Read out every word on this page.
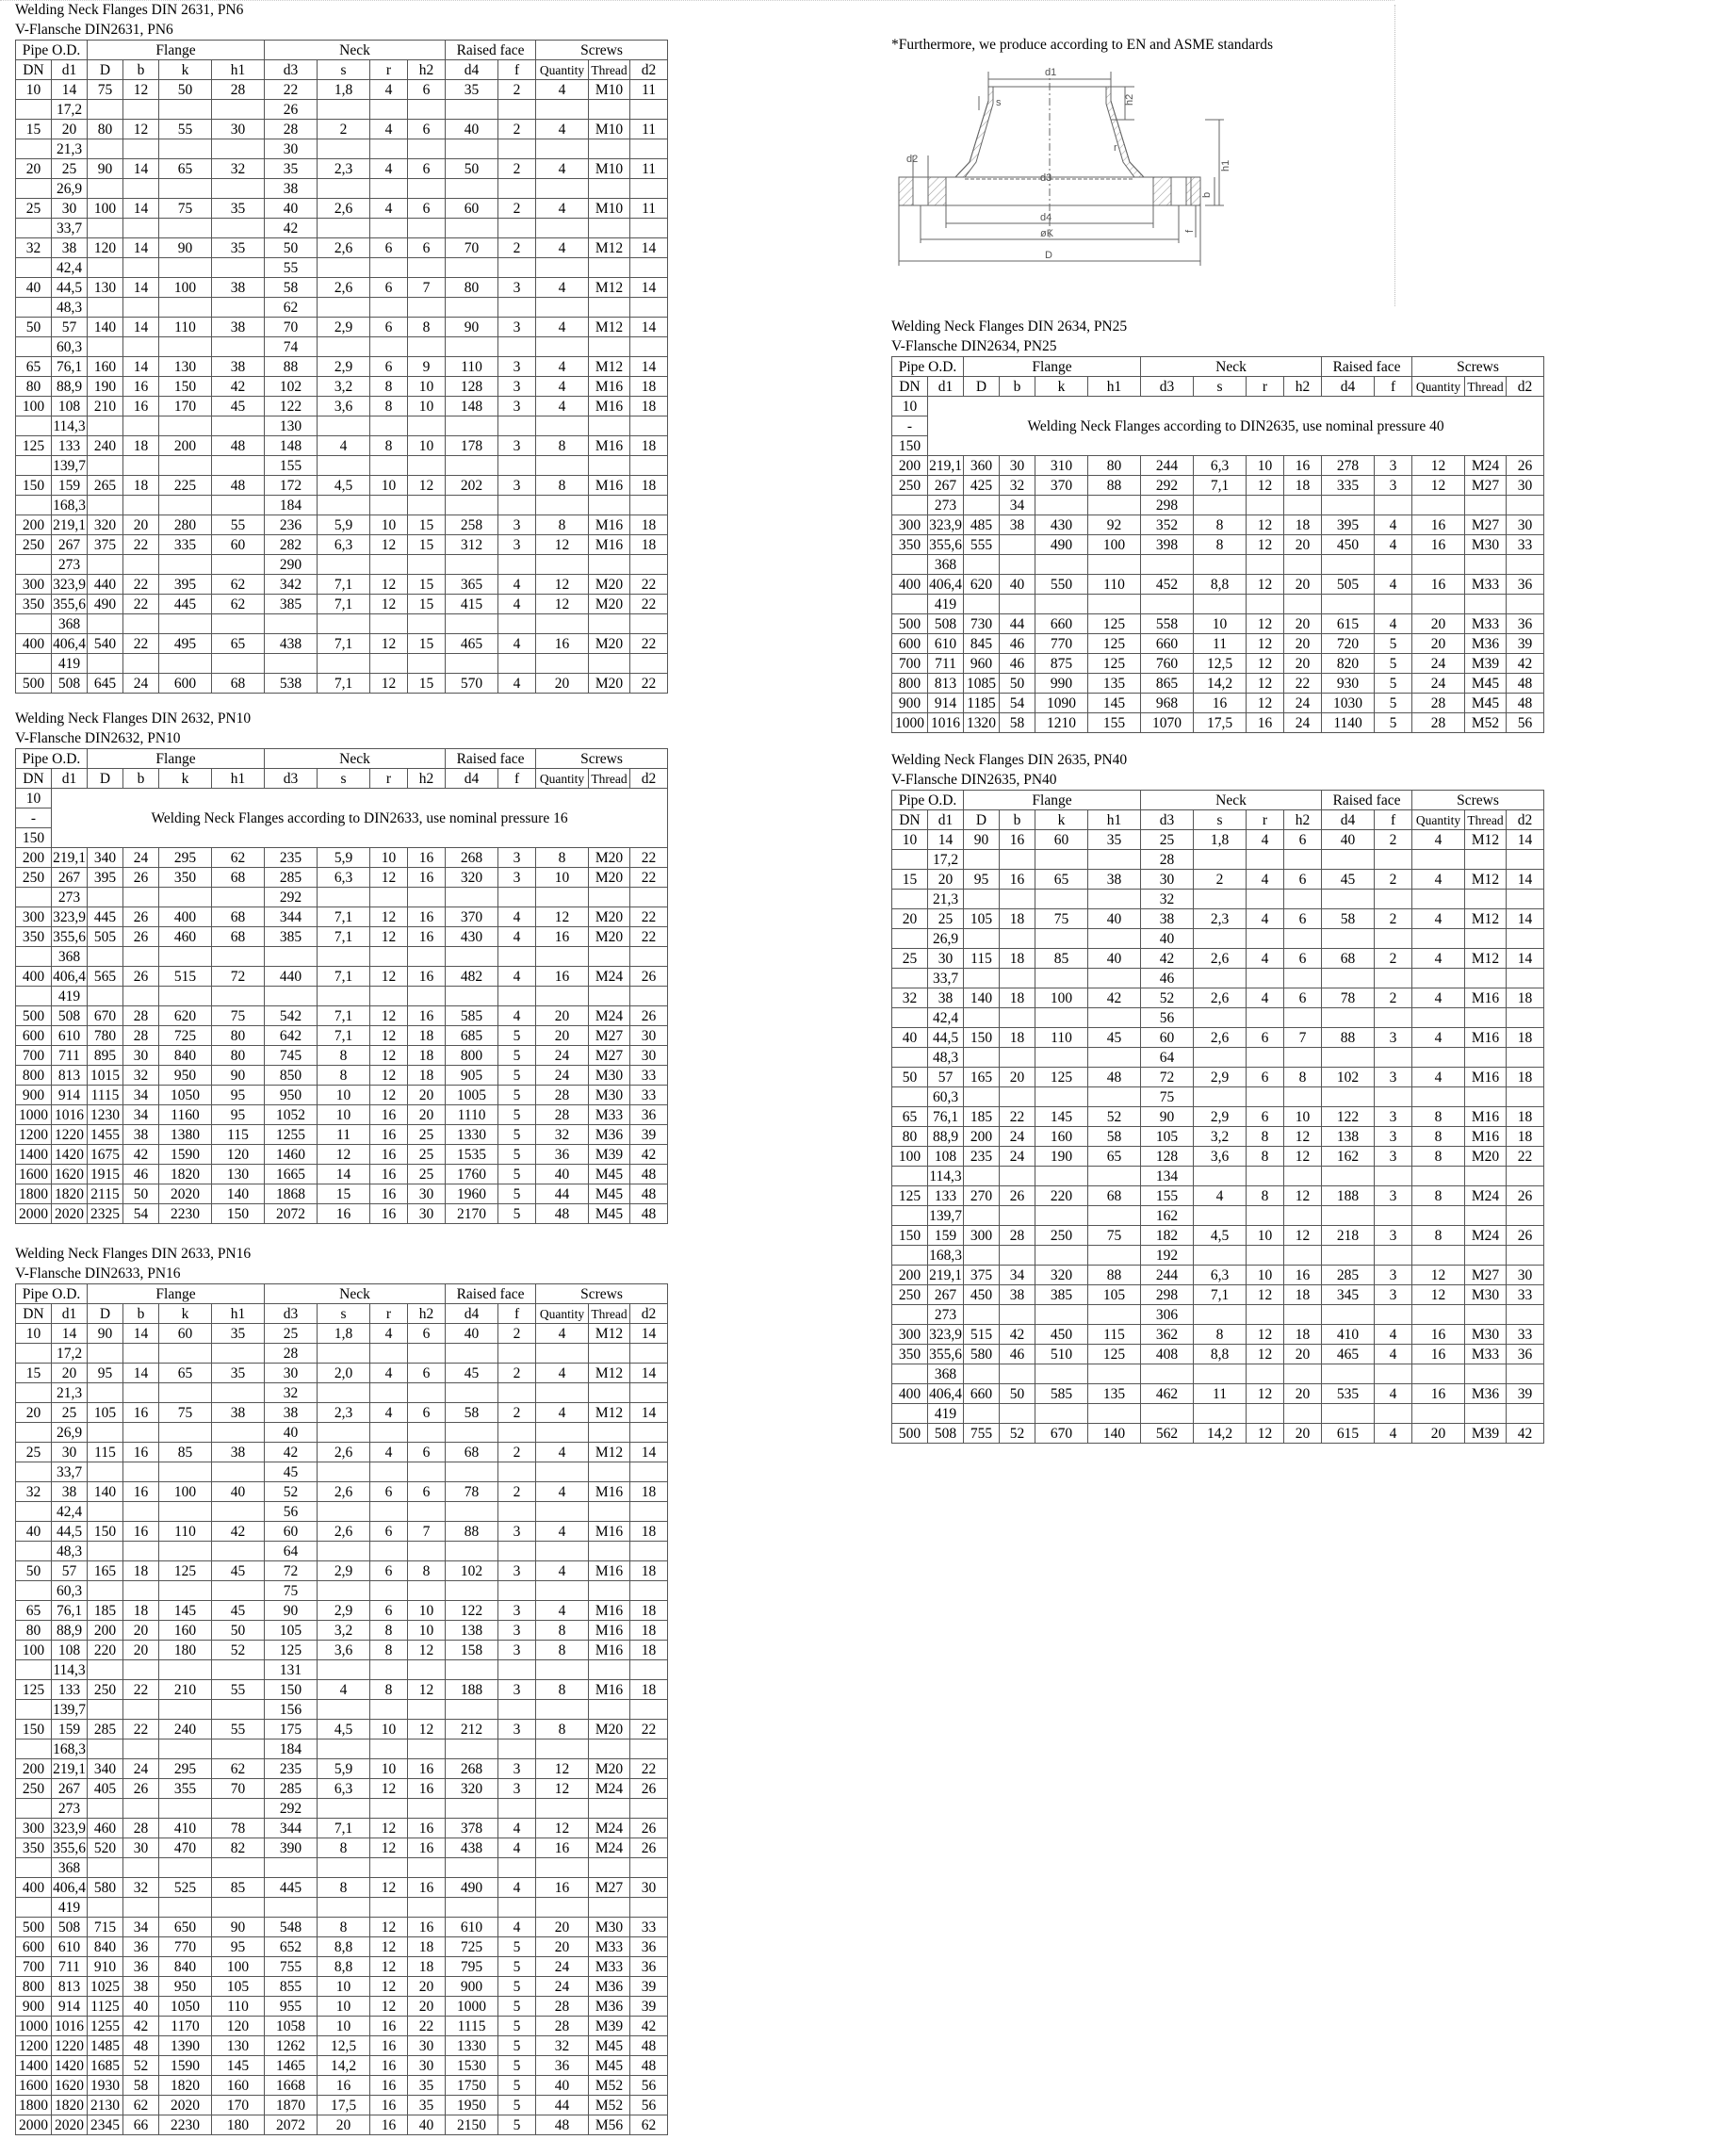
*Furthermore, we produce according to EN and ASME standards
d1
s	h2
r
d2
d3
h1
b
f
d4
øK
D
Welding Neck Flanges DIN 2631, PN6
V-Flansche DIN2631, PN6
Pipe O.D.		Flange				Neck				Raised face		Screws		
DN	d1	D	b	k	h1	d3	s	r	h2	d4	f	Quantity	Thread	d2
10	14	75	12	50	28	22	1,8	4	6	35	2	4	M10	11
	17,2					26								
15	20	80	12	55	30	28	2	4	6	40	2	4	M10	11
	21,3					30								
20	25	90	14	65	32	35	2,3	4	6	50	2	4	M10	11
	26,9					38								
25	30	100	14	75	35	40	2,6	4	6	60	2	4	M10	11
	33,7					42								
32	38	120	14	90	35	50	2,6	6	6	70	2	4	M12	14
	42,4					55								
40	44,5	130	14	100	38	58	2,6	6	7	80	3	4	M12	14
	48,3					62								
50	57	140	14	110	38	70	2,9	6	8	90	3	4	M12	14
	60,3					74								
65	76,1	160	14	130	38	88	2,9	6	9	110	3	4	M12	14
80	88,9	190	16	150	42	102	3,2	8	10	128	3	4	M16	18
100	108	210	16	170	45	122	3,6	8	10	148	3	4	M16	18
	114,3					130								
125	133	240	18	200	48	148	4	8	10	178	3	8	M16	18
	139,7					155								
150	159	265	18	225	48	172	4,5	10	12	202	3	8	M16	18
	168,3					184								
200	219,1	320	20	280	55	236	5,9	10	15	258	3	8	M16	18
250	267	375	22	335	60	282	6,3	12	15	312	3	12	M16	18
	273					290								
300	323,9	440	22	395	62	342	7,1	12	15	365	4	12	M20	22
350	355,6	490	22	445	62	385	7,1	12	15	415	4	12	M20	22
	368													
400	406,4	540	22	495	65	438	7,1	12	15	465	4	16	M20	22
	419													
500	508	645	24	600	68	538	7,1	12	15	570	4	20	M20	22
Welding Neck Flanges DIN 2632, PN10
V-Flansche DIN2632, PN10
Pipe O.D.		Flange				Neck				Raised face		Screws		
DN	d1	D	b	k	h1	d3	s	r	h2	d4	f	Quantity	Thread	d2
10	Welding Neck Flanges according to DIN2633, use nominal pressure 16													
-														
150														
200	219,1	340	24	295	62	235	5,9	10	16	268	3	8	M20	22
250	267	395	26	350	68	285	6,3	12	16	320	3	10	M20	22
	273					292								
300	323,9	445	26	400	68	344	7,1	12	16	370	4	12	M20	22
350	355,6	505	26	460	68	385	7,1	12	16	430	4	16	M20	22
	368													
400	406,4	565	26	515	72	440	7,1	12	16	482	4	16	M24	26
	419													
500	508	670	28	620	75	542	7,1	12	16	585	4	20	M24	26
600	610	780	28	725	80	642	7,1	12	18	685	5	20	M27	30
700	711	895	30	840	80	745	8	12	18	800	5	24	M27	30
800	813	1015	32	950	90	850	8	12	18	905	5	24	M30	33
900	914	1115	34	1050	95	950	10	12	20	1005	5	28	M30	33
1000	1016	1230	34	1160	95	1052	10	16	20	1110	5	28	M33	36
1200	1220	1455	38	1380	115	1255	11	16	25	1330	5	32	M36	39
1400	1420	1675	42	1590	120	1460	12	16	25	1535	5	36	M39	42
1600	1620	1915	46	1820	130	1665	14	16	25	1760	5	40	M45	48
1800	1820	2115	50	2020	140	1868	15	16	30	1960	5	44	M45	48
2000	2020	2325	54	2230	150	2072	16	16	30	2170	5	48	M45	48
Welding Neck Flanges DIN 2633, PN16
V-Flansche DIN2633, PN16
Pipe O.D.		Flange				Neck				Raised face		Screws		
DN	d1	D	b	k	h1	d3	s	r	h2	d4	f	Quantity	Thread	d2
10	14	90	14	60	35	25	1,8	4	6	40	2	4	M12	14
	17,2					28								
15	20	95	14	65	35	30	2,0	4	6	45	2	4	M12	14
	21,3					32								
20	25	105	16	75	38	38	2,3	4	6	58	2	4	M12	14
	26,9					40								
25	30	115	16	85	38	42	2,6	4	6	68	2	4	M12	14
	33,7					45								
32	38	140	16	100	40	52	2,6	6	6	78	2	4	M16	18
	42,4					56								
40	44,5	150	16	110	42	60	2,6	6	7	88	3	4	M16	18
	48,3					64								
50	57	165	18	125	45	72	2,9	6	8	102	3	4	M16	18
	60,3					75								
65	76,1	185	18	145	45	90	2,9	6	10	122	3	4	M16	18
80	88,9	200	20	160	50	105	3,2	8	10	138	3	8	M16	18
100	108	220	20	180	52	125	3,6	8	12	158	3	8	M16	18
	114,3					131								
125	133	250	22	210	55	150	4	8	12	188	3	8	M16	18
	139,7					156								
150	159	285	22	240	55	175	4,5	10	12	212	3	8	M20	22
	168,3					184								
200	219,1	340	24	295	62	235	5,9	10	16	268	3	12	M20	22
250	267	405	26	355	70	285	6,3	12	16	320	3	12	M24	26
	273					292								
300	323,9	460	28	410	78	344	7,1	12	16	378	4	12	M24	26
350	355,6	520	30	470	82	390	8	12	16	438	4	16	M24	26
	368													
400	406,4	580	32	525	85	445	8	12	16	490	4	16	M27	30
	419													
500	508	715	34	650	90	548	8	12	16	610	4	20	M30	33
600	610	840	36	770	95	652	8,8	12	18	725	5	20	M33	36
700	711	910	36	840	100	755	8,8	12	18	795	5	24	M33	36
800	813	1025	38	950	105	855	10	12	20	900	5	24	M36	39
900	914	1125	40	1050	110	955	10	12	20	1000	5	28	M36	39
1000	1016	1255	42	1170	120	1058	10	16	22	1115	5	28	M39	42
1200	1220	1485	48	1390	130	1262	12,5	16	30	1330	5	32	M45	48
1400	1420	1685	52	1590	145	1465	14,2	16	30	1530	5	36	M45	48
1600	1620	1930	58	1820	160	1668	16	16	35	1750	5	40	M52	56
1800	1820	2130	62	2020	170	1870	17,5	16	35	1950	5	44	M52	56
2000	2020	2345	66	2230	180	2072	20	16	40	2150	5	48	M56	62
Welding Neck Flanges DIN 2634, PN25
V-Flansche DIN2634, PN25
Pipe O.D.		Flange				Neck				Raised face		Screws		
DN	d1	D	b	k	h1	d3	s	r	h2	d4	f	Quantity	Thread	d2
10	Welding Neck Flanges according to DIN2635, use nominal pressure 40													
-														
150														
200	219,1	360	30	310	80	244	6,3	10	16	278	3	12	M24	26
250	267	425	32	370	88	292	7,1	12	18	335	3	12	M27	30
	273		34			298								
300	323,9	485	38	430	92	352	8	12	18	395	4	16	M27	30
350	355,6	555		490	100	398	8	12	20	450	4	16	M30	33
	368													
400	406,4	620	40	550	110	452	8,8	12	20	505	4	16	M33	36
	419													
500	508	730	44	660	125	558	10	12	20	615	4	20	M33	36
600	610	845	46	770	125	660	11	12	20	720	5	20	M36	39
700	711	960	46	875	125	760	12,5	12	20	820	5	24	M39	42
800	813	1085	50	990	135	865	14,2	12	22	930	5	24	M45	48
900	914	1185	54	1090	145	968	16	12	24	1030	5	28	M45	48
1000	1016	1320	58	1210	155	1070	17,5	16	24	1140	5	28	M52	56
Welding Neck Flanges DIN 2635, PN40
V-Flansche DIN2635, PN40
Pipe O.D.		Flange				Neck				Raised face		Screws		
DN	d1	D	b	k	h1	d3	s	r	h2	d4	f	Quantity	Thread	d2
10	14	90	16	60	35	25	1,8	4	6	40	2	4	M12	14
	17,2					28								
15	20	95	16	65	38	30	2	4	6	45	2	4	M12	14
	21,3					32								
20	25	105	18	75	40	38	2,3	4	6	58	2	4	M12	14
	26,9					40								
25	30	115	18	85	40	42	2,6	4	6	68	2	4	M12	14
	33,7					46								
32	38	140	18	100	42	52	2,6	4	6	78	2	4	M16	18
	42,4					56								
40	44,5	150	18	110	45	60	2,6	6	7	88	3	4	M16	18
	48,3					64								
50	57	165	20	125	48	72	2,9	6	8	102	3	4	M16	18
	60,3					75								
65	76,1	185	22	145	52	90	2,9	6	10	122	3	8	M16	18
80	88,9	200	24	160	58	105	3,2	8	12	138	3	8	M16	18
100	108	235	24	190	65	128	3,6	8	12	162	3	8	M20	22
	114,3					134								
125	133	270	26	220	68	155	4	8	12	188	3	8	M24	26
	139,7					162								
150	159	300	28	250	75	182	4,5	10	12	218	3	8	M24	26
	168,3					192								
200	219,1	375	34	320	88	244	6,3	10	16	285	3	12	M27	30
250	267	450	38	385	105	298	7,1	12	18	345	3	12	M30	33
	273					306								
300	323,9	515	42	450	115	362	8	12	18	410	4	16	M30	33
350	355,6	580	46	510	125	408	8,8	12	20	465	4	16	M33	36
	368													
400	406,4	660	50	585	135	462	11	12	20	535	4	16	M36	39
	419													
500	508	755	52	670	140	562	14,2	12	20	615	4	20	M39	42
